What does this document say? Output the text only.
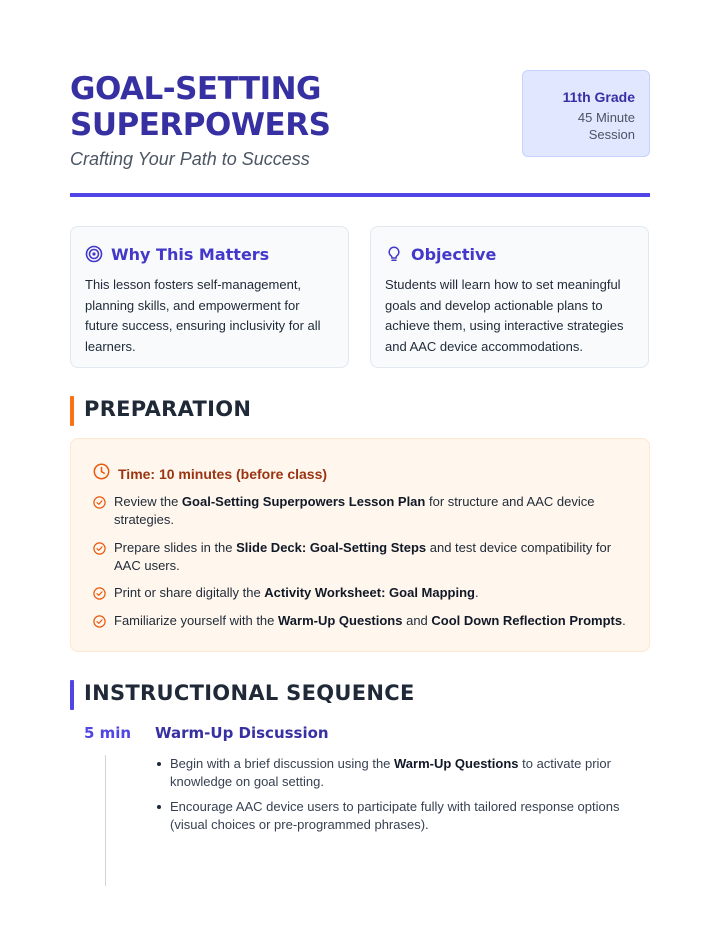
GOAL-SETTING SUPERPOWERS
Crafting Your Path to Success
11th Grade
45 Minute
Session
Why This Matters
This lesson fosters self-management, planning skills, and empowerment for future success, ensuring inclusivity for all learners.
Objective
Students will learn how to set meaningful goals and develop actionable plans to achieve them, using interactive strategies and AAC device accommodations.
PREPARATION
Time: 10 minutes (before class)
Review the Goal-Setting Superpowers Lesson Plan for structure and AAC device strategies.
Prepare slides in the Slide Deck: Goal-Setting Steps and test device compatibility for AAC users.
Print or share digitally the Activity Worksheet: Goal Mapping.
Familiarize yourself with the Warm-Up Questions and Cool Down Reflection Prompts.
INSTRUCTIONAL SEQUENCE
5 min Warm-Up Discussion
Begin with a brief discussion using the Warm-Up Questions to activate prior knowledge on goal setting.
Encourage AAC device users to participate fully with tailored response options (visual choices or pre-programmed phrases).
